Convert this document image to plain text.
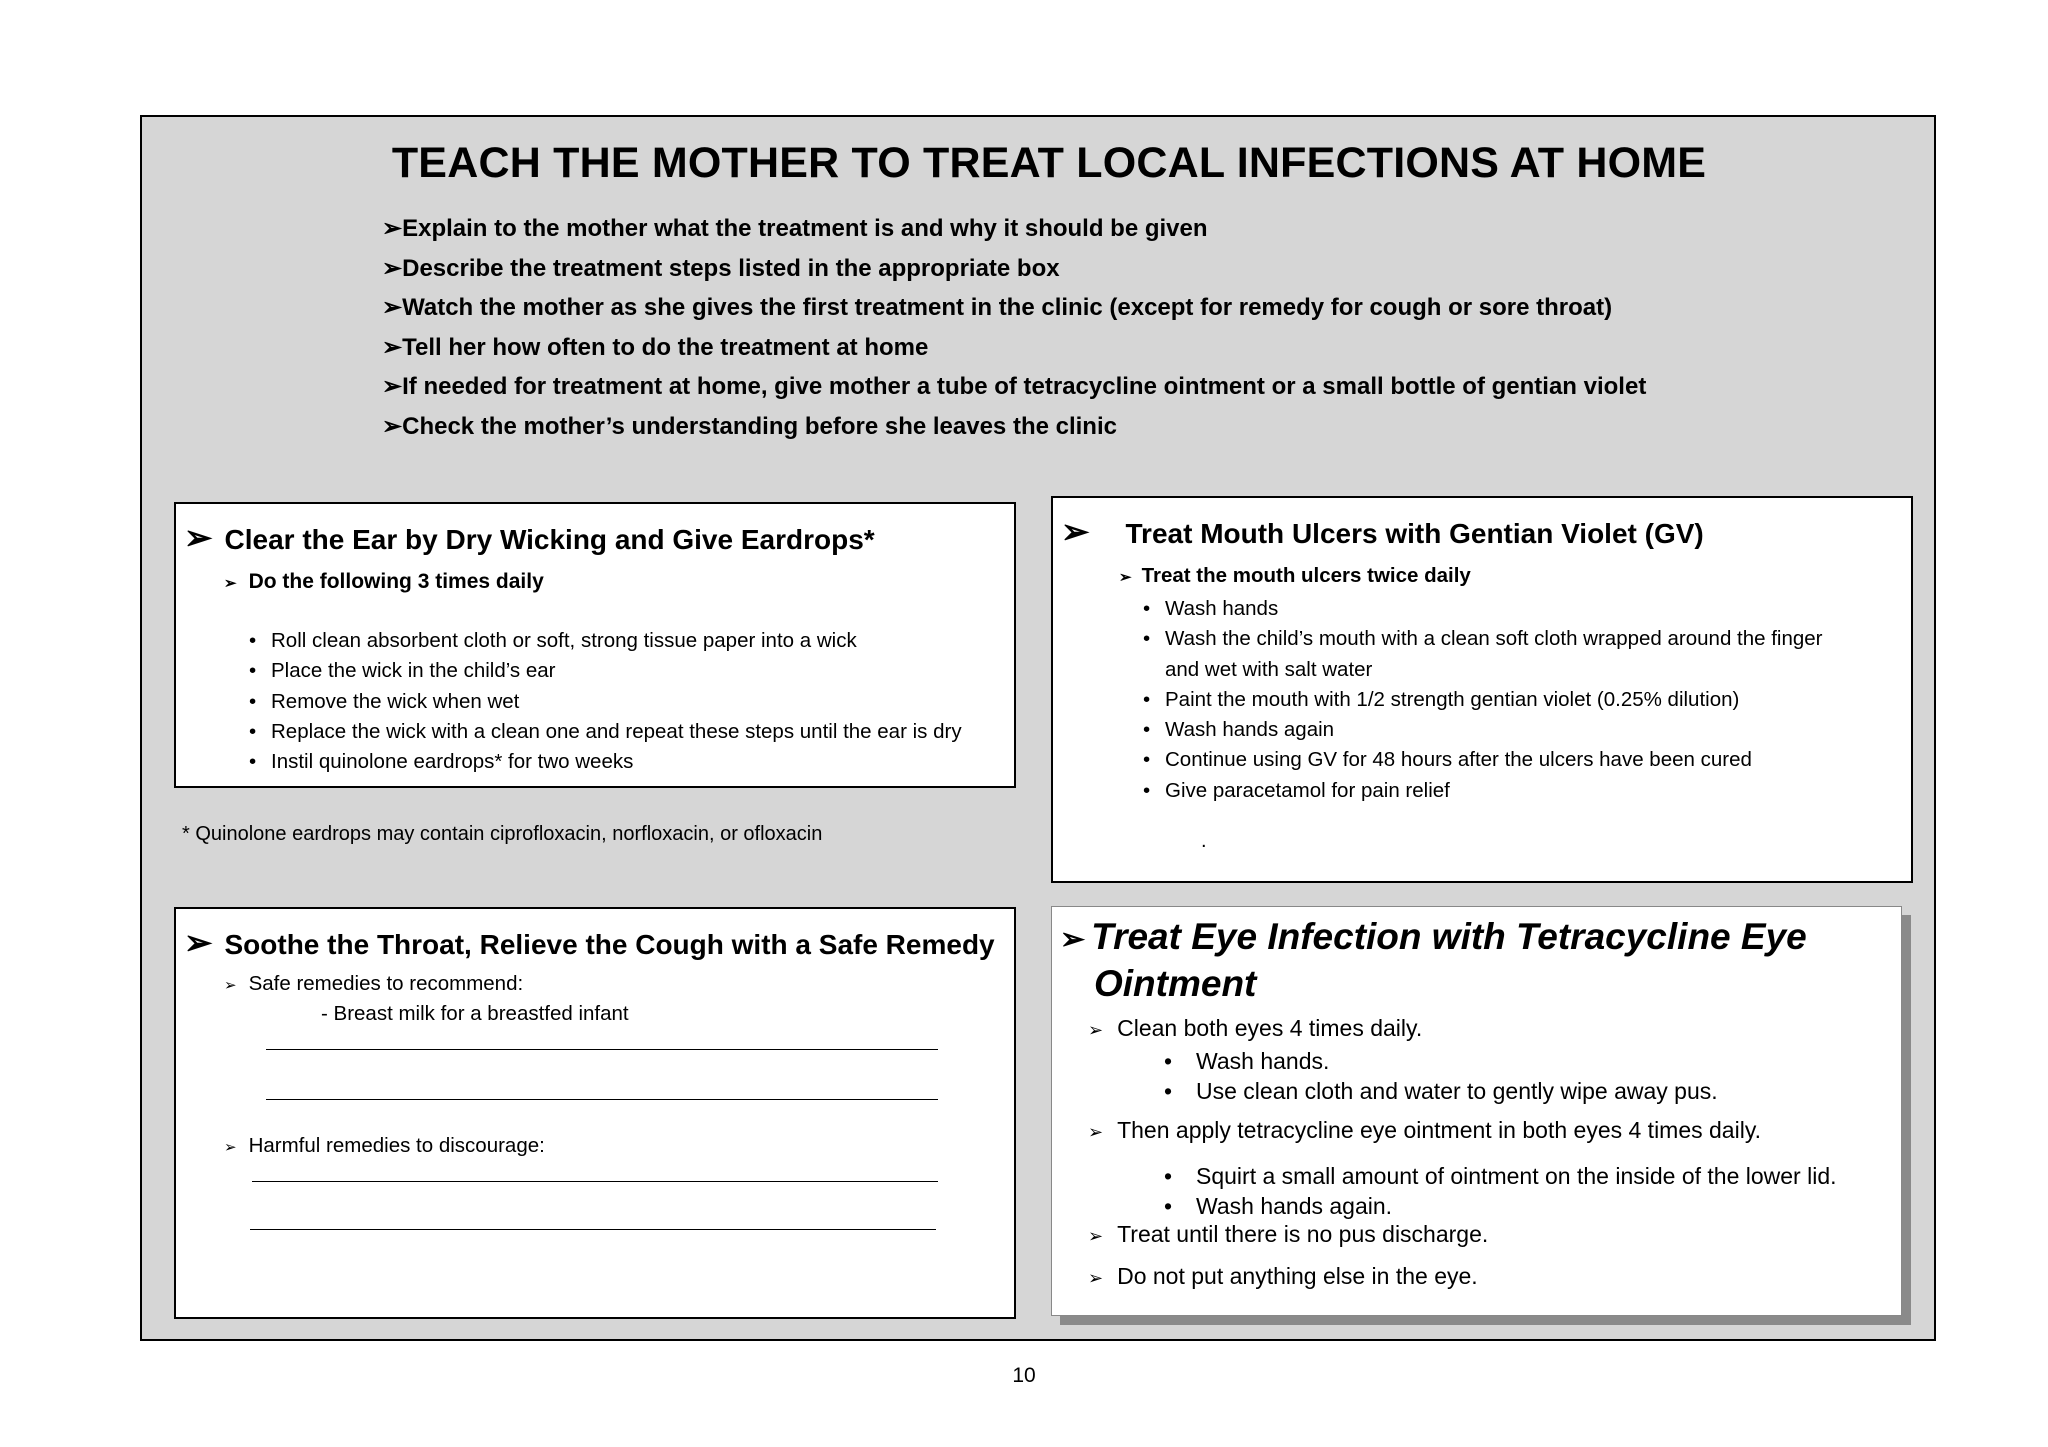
TEACH THE MOTHER TO TREAT LOCAL INFECTIONS AT HOME
➢Explain to the mother what the treatment is and why it should be given
➢Describe the treatment steps listed in the appropriate box
➢Watch the mother as she gives the first treatment in the clinic (except for remedy for cough or sore throat)
➢Tell her how often to do the treatment at home
➢If needed for treatment at home, give mother a tube of tetracycline ointment or a small bottle of gentian violet
➢Check the mother’s understanding before she leaves the clinic
➢ Clear the Ear by Dry Wicking and Give Eardrops*
➢ Do the following 3 times daily
• Roll clean absorbent cloth or soft, strong tissue paper into a wick
• Place the wick in the child’s ear
• Remove the wick when wet
• Replace the wick with a clean one and repeat these steps until the ear is dry
• Instil quinolone eardrops* for two weeks
* Quinolone eardrops may contain ciprofloxacin, norfloxacin, or ofloxacin
➢ Treat Mouth Ulcers with Gentian Violet (GV)
➢ Treat the mouth ulcers twice daily
• Wash hands
• Wash the child’s mouth with a clean soft cloth wrapped around the finger
and wet with salt water
• Paint the mouth with 1/2 strength gentian violet (0.25% dilution)
• Wash hands again
• Continue using GV for 48 hours after the ulcers have been cured
• Give paracetamol for pain relief
.
➢ Soothe the Throat, Relieve the Cough with a Safe Remedy
➢ Safe remedies to recommend:
- Breast milk for a breastfed infant
➢ Harmful remedies to discourage:
➢ Treat Eye Infection with Tetracycline Eye
Ointment
➢ Clean both eyes 4 times daily.
• Wash hands.
• Use clean cloth and water to gently wipe away pus.
➢ Then apply tetracycline eye ointment in both eyes 4 times daily.
• Squirt a small amount of ointment on the inside of the lower lid.
• Wash hands again.
➢ Treat until there is no pus discharge.
➢ Do not put anything else in the eye.
10
